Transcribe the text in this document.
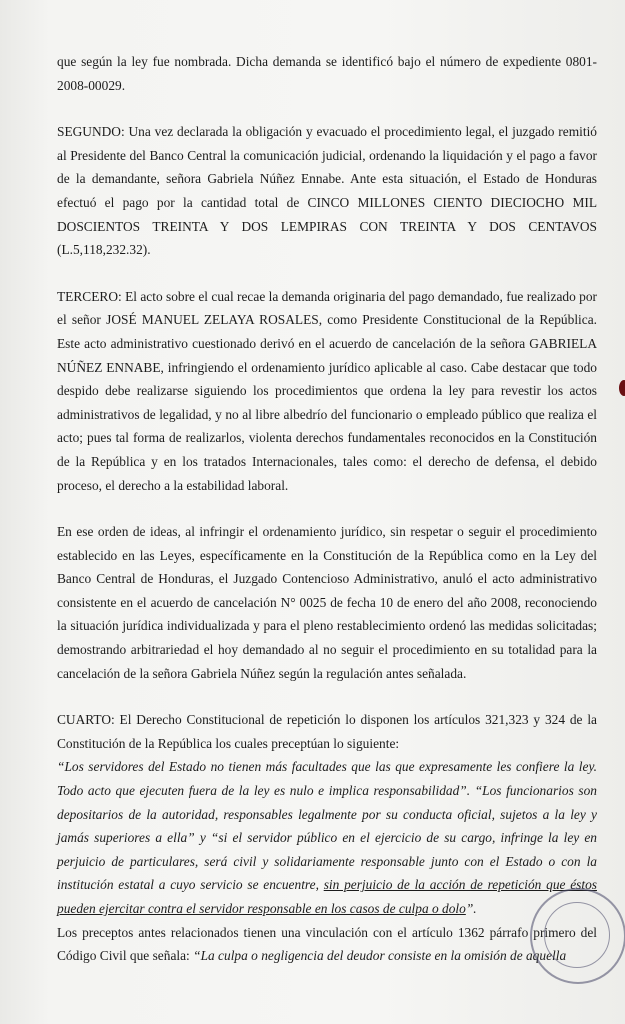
que según la ley fue nombrada. Dicha demanda se identificó bajo el número de expediente 0801-2008-00029.

SEGUNDO: Una vez declarada la obligación y evacuado el procedimiento legal, el juzgado remitió al Presidente del Banco Central la comunicación judicial, ordenando la liquidación y el pago a favor de la demandante, señora Gabriela Núñez Ennabe. Ante esta situación, el Estado de Honduras efectuó el pago por la cantidad total de CINCO MILLONES CIENTO DIECIOCHO MIL DOSCIENTOS TREINTA Y DOS LEMPIRAS CON TREINTA Y DOS CENTAVOS (L.5,118,232.32).

TERCERO: El acto sobre el cual recae la demanda originaria del pago demandado, fue realizado por el señor JOSÉ MANUEL ZELAYA ROSALES, como Presidente Constitucional de la República. Este acto administrativo cuestionado derivó en el acuerdo de cancelación de la señora GABRIELA NÚÑEZ ENNABE, infringiendo el ordenamiento jurídico aplicable al caso. Cabe destacar que todo despido debe realizarse siguiendo los procedimientos que ordena la ley para revestir los actos administrativos de legalidad, y no al libre albedrío del funcionario o empleado público que realiza el acto; pues tal forma de realizarlos, violenta derechos fundamentales reconocidos en la Constitución de la República y en los tratados Internacionales, tales como: el derecho de defensa, el debido proceso, el derecho a la estabilidad laboral.

En ese orden de ideas, al infringir el ordenamiento jurídico, sin respetar o seguir el procedimiento establecido en las Leyes, específicamente en la Constitución de la República como en la Ley del Banco Central de Honduras, el Juzgado Contencioso Administrativo, anuló el acto administrativo consistente en el acuerdo de cancelación N° 0025 de fecha 10 de enero del año 2008, reconociendo la situación jurídica individualizada y para el pleno restablecimiento ordenó las medidas solicitadas; demostrando arbitrariedad el hoy demandado al no seguir el procedimiento en su totalidad para la cancelación de la señora Gabriela Núñez según la regulación antes señalada.

CUARTO: El Derecho Constitucional de repetición lo disponen los artículos 321,323 y 324 de la Constitución de la República los cuales preceptúan lo siguiente:

“Los servidores del Estado no tienen más facultades que las que expresamente les confiere la ley. Todo acto que ejecuten fuera de la ley es nulo e implica responsabilidad”. “Los funcionarios son depositarios de la autoridad, responsables legalmente por su conducta oficial, sujetos a la ley y jamás superiores a ella” y “si el servidor público en el ejercicio de su cargo, infringe la ley en perjuicio de particulares, será civil y solidariamente responsable junto con el Estado o con la institución estatal a cuyo servicio se encuentre, sin perjuicio de la acción de repetición que éstos pueden ejercitar contra el servidor responsable en los casos de culpa o dolo”.

Los preceptos antes relacionados tienen una vinculación con el artículo 1362 párrafo primero del Código Civil que señala: “La culpa o negligencia del deudor consiste en la omisión de aquella
